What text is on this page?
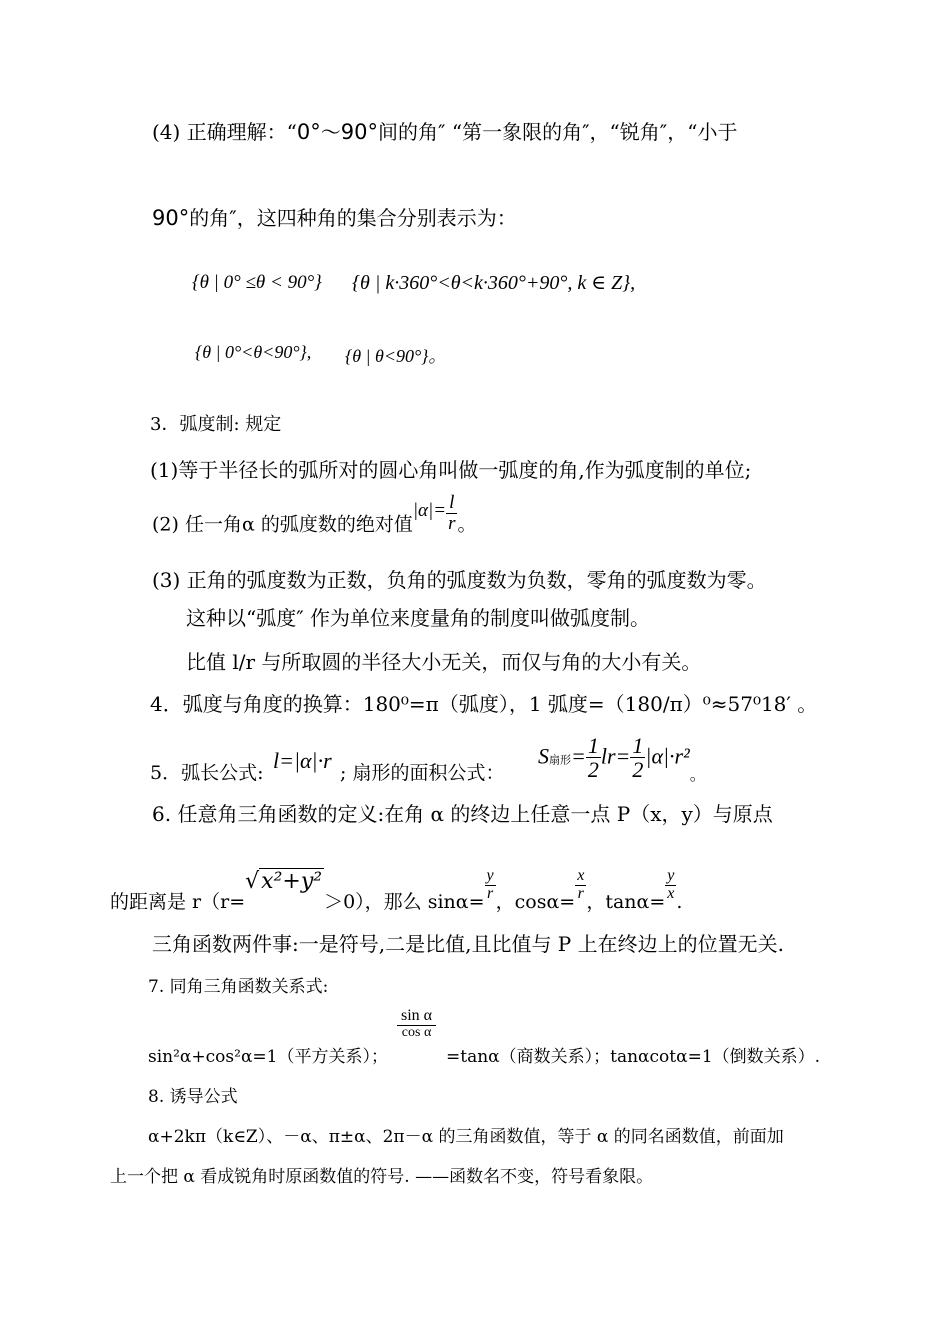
(4) 正确理解：“0°～90°间的角″ “第一象限的角″，“锐角″，“小于
90°的角″，这四种角的集合分别表示为：
{θ | 0° ≤θ < 90°} {θ | k·360°<θ<k·360°+90°, k ∈ Z},
{θ | 0°<θ<90°}, {θ | θ<90°}。
3．弧度制: 规定
(1)等于半径长的弧所对的圆心角叫做一弧度的角,作为弧度制的单位;
(2) 任一角α 的弧度数的绝对值$|\alpha|= \frac{l}{r}$ 。
(3) 正角的弧度数为正数，负角的弧度数为负数，零角的弧度数为零。
这种以“弧度″ 作为单位来度量角的制度叫做弧度制。
比值 l/r 与所取圆的半径大小无关，而仅与角的大小有关。
4．弧度与角度的换算：180⁰=π（弧度），1 弧度=（180/π）⁰≈57⁰18′ 。
5．弧长公式: l=|α|·r ; 扇形的面积公式：
S扇形= $\frac{1}{2} lr= \frac{1}{2} |\alpha|\cdot r^2_。$
6. 任意角三角函数的定义:在角 α 的终边上任意一点 P（x，y）与原点
的距离是 r（r=√x²+y²＞0），那么 $\sin\alpha= \frac{y}{r}$ ，$\cos\alpha= \frac{x}{r}$ ，$\tan\alpha= \frac{y}{x}$ .
三角函数两件事:一是符号,二是比值,且比值与 P 上在终边上的位置无关.
7. 同角三角函数关系式:
sin²α+cos²α=1（平方关系）；
$\frac{\text{sin α}}{\text{cos α}}$
=tanα（商数关系）；tanαcotα=1（倒数关系）.
8. 诱导公式
α+2kπ（k∈Z）、－α、π±α、2π－α 的三角函数值，等于 α 的同名函数值，前面加
上一个把 α 看成锐角时原函数值的符号. ——函数名不变，符号看象限。
